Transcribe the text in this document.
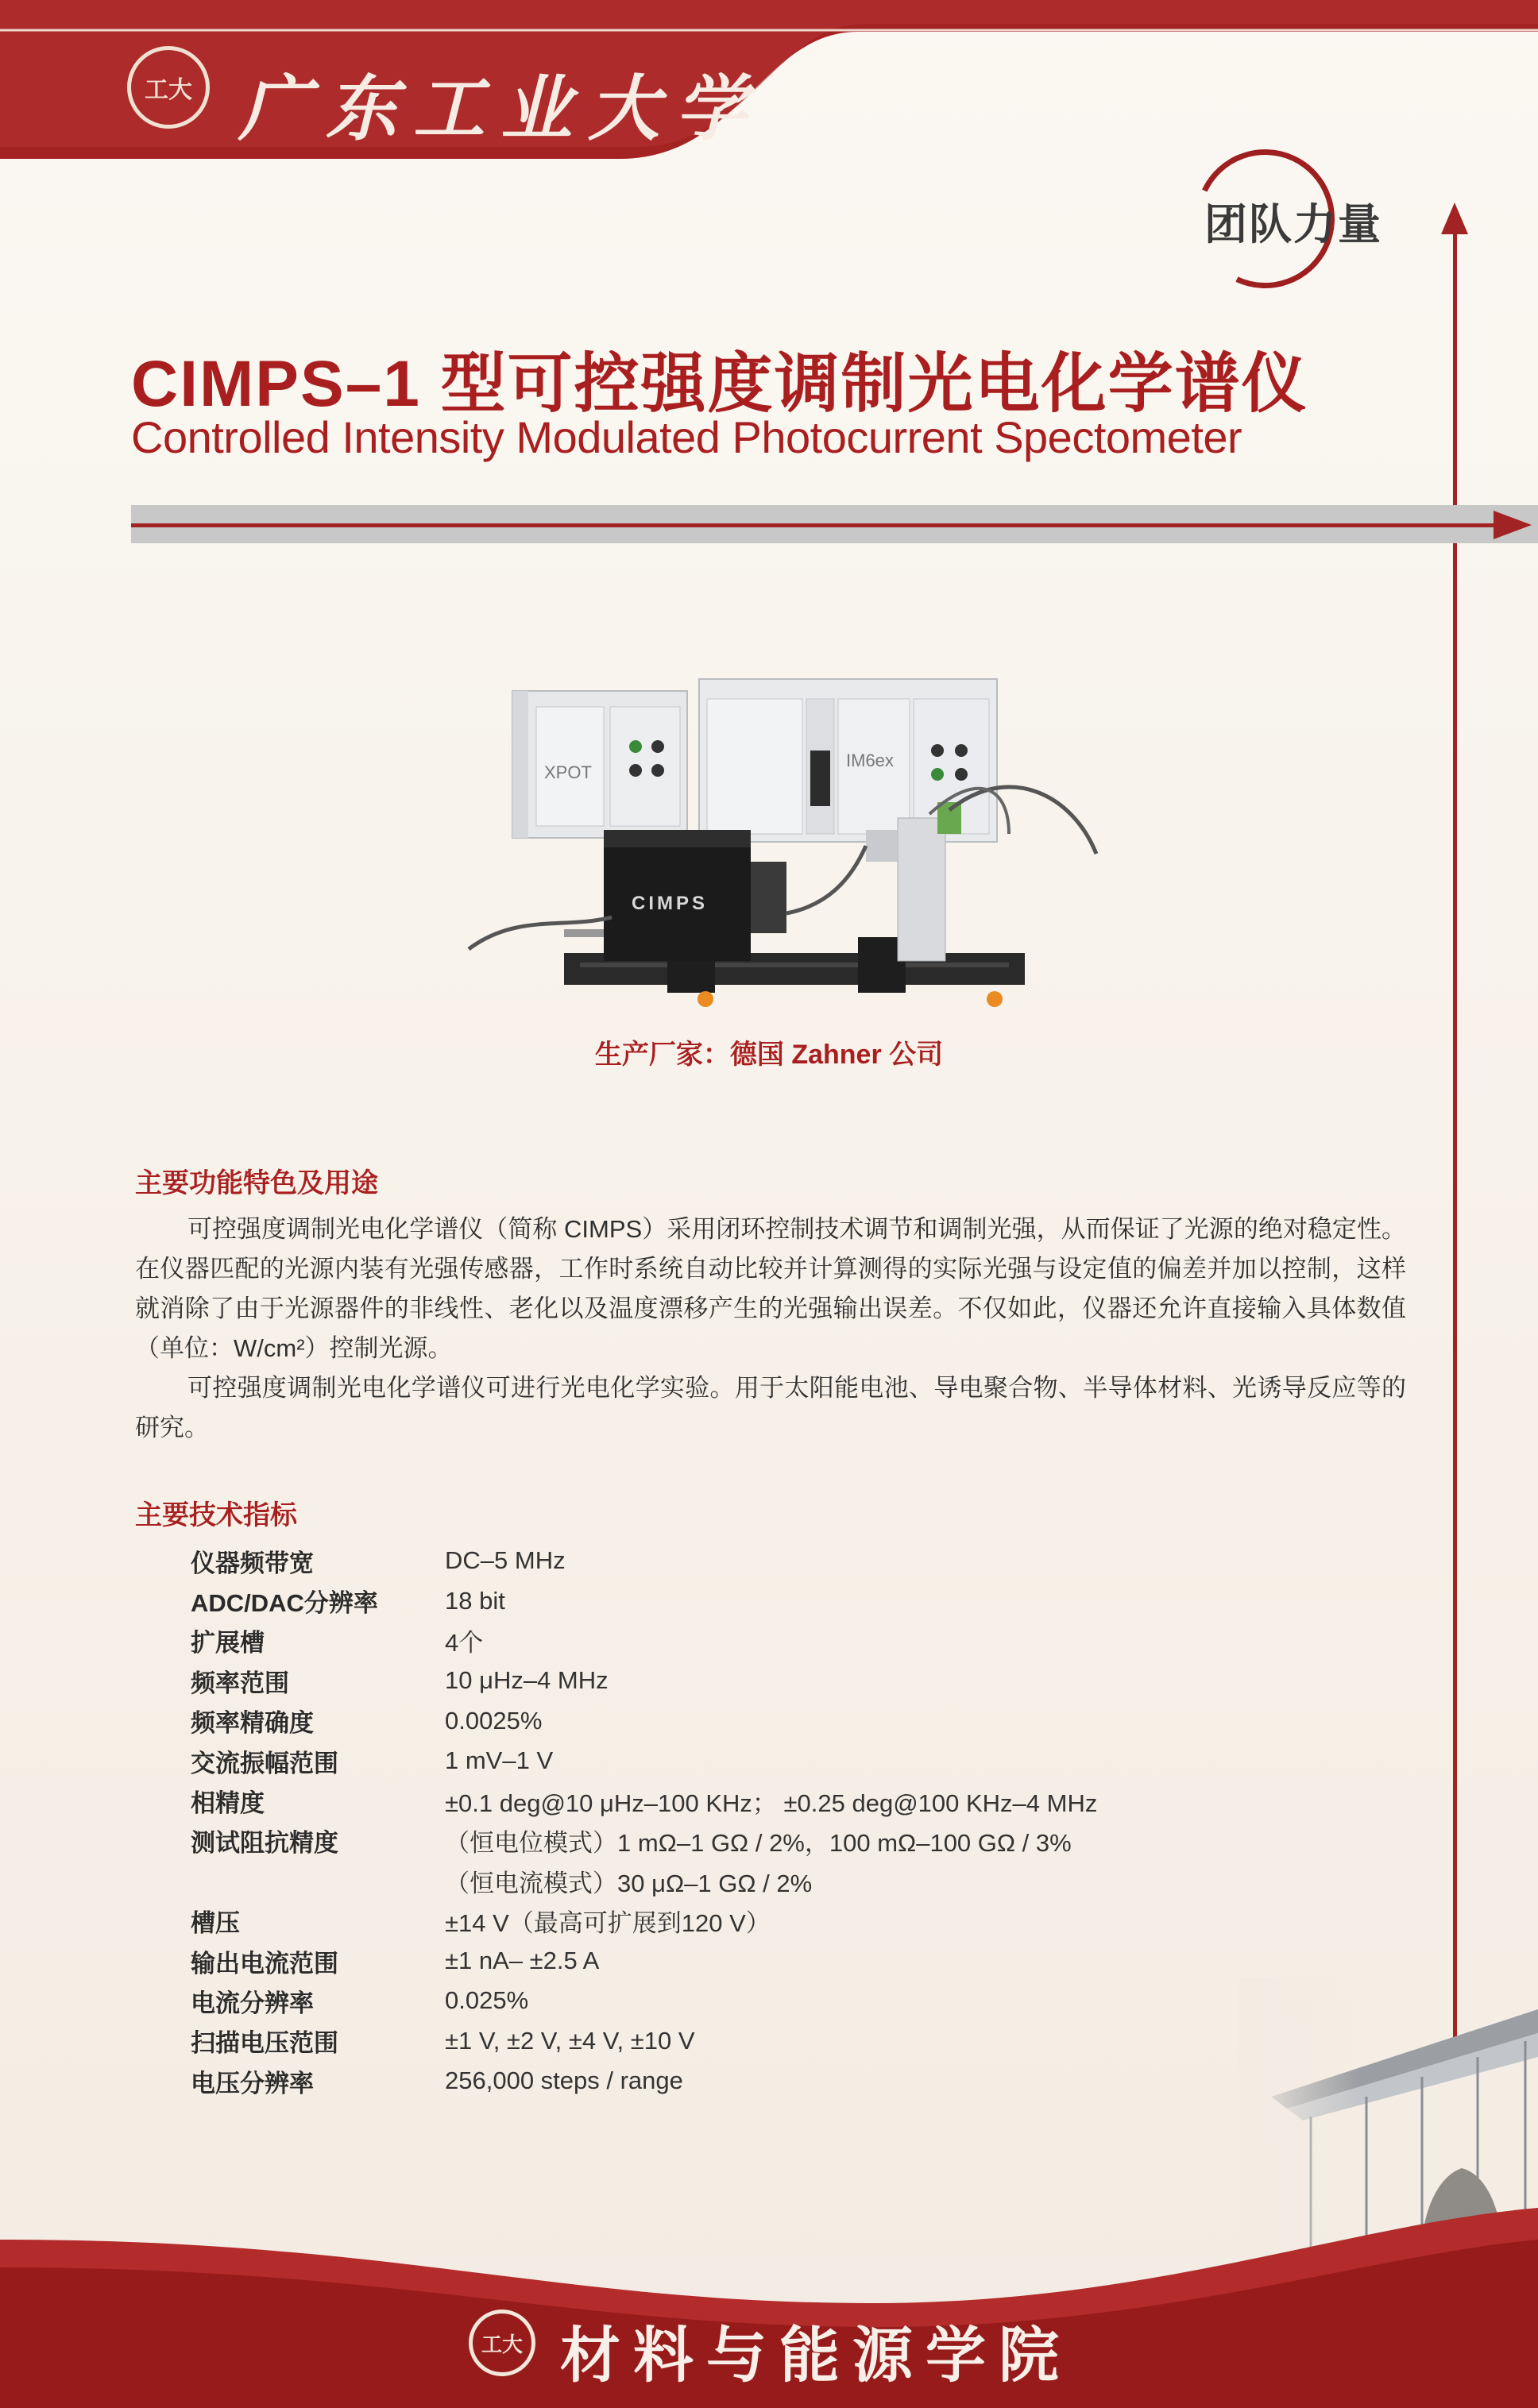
工大 广东工业大学
团队力量
CIMPS–1 型可控强度调制光电化学谱仪
Controlled Intensity Modulated Photocurrent Spectometer
XPOT
IM6ex
CIMPS
生产厂家：德国 Zahner 公司
主要功能特色及用途

可控强度调制光电化学谱仪（简称 CIMPS）采用闭环控制技术调节和调制光强，从而保证了光源的绝对稳定性。在仪器匹配的光源内装有光强传感器，工作时系统自动比较并计算测得的实际光强与设定值的偏差并加以控制，这样就消除了由于光源器件的非线性、老化以及温度漂移产生的光强输出误差。不仅如此，仪器还允许直接输入具体数值（单位：W/cm²）控制光源。

可控强度调制光电化学谱仪可进行光电化学实验。用于太阳能电池、导电聚合物、半导体材料、光诱导反应等的研究。

主要技术指标
仪器频带宽	DC–5 MHz
ADC/DAC分辨率	18 bit
扩展槽	4个
频率范围	10 μHz–4 MHz
频率精确度	0.0025%
交流振幅范围	1 mV–1 V
相精度	±0.1 deg@10 μHz–100 KHz； ±0.25 deg@100 KHz–4 MHz
测试阻抗精度	（恒电位模式）1 mΩ–1 GΩ / 2%，100 mΩ–100 GΩ / 3%
	（恒电流模式）30 μΩ–1 GΩ / 2%
槽压	±14 V（最高可扩展到120 V）
输出电流范围	±1 nA– ±2.5 A
电流分辨率	0.025%
扫描电压范围	±1 V, ±2 V, ±4 V, ±10 V
电压分辨率	256,000 steps / range
工大 材料与能源学院
